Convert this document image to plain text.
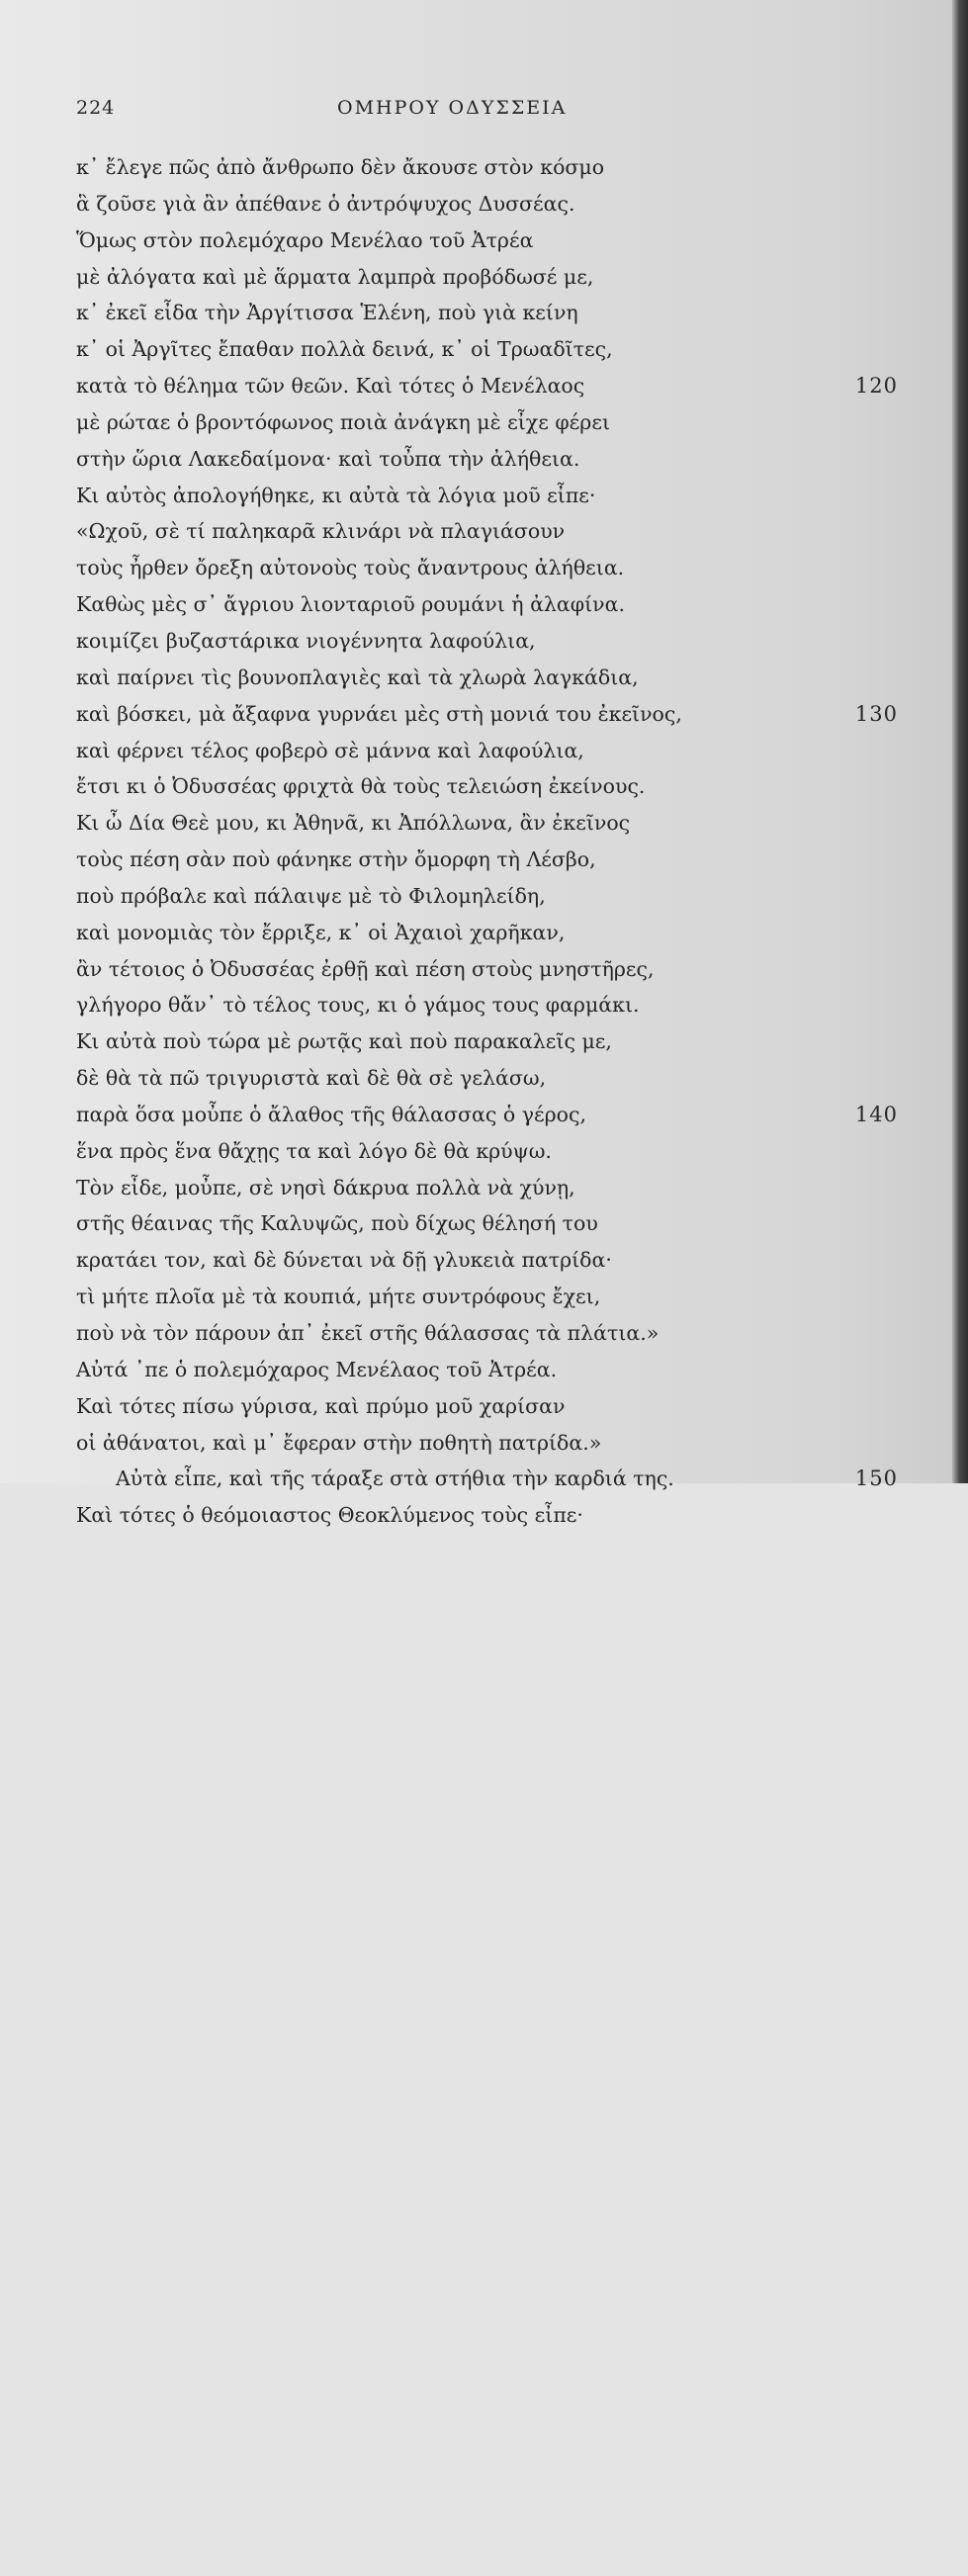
224	ΟΜΗΡΟΥ ΟΔΥΣΣΕΙΑ
κ᾿ ἔλεγε πῶς ἀπὸ ἄνθρωπο δὲν ἄκουσε στὸν κόσμο
ἃ ζοῦσε γιὰ ἂν ἀπέθανε ὁ ἀντρόψυχος Δυσσέας.
Ὅμως στὸν πολεμόχαρο Μενέλαο τοῦ Ἀτρέα
μὲ ἀλόγατα καὶ μὲ ἅρματα λαμπρὰ προβόδωσέ με,
κ᾿ ἐκεῖ εἶδα τὴν Ἀργίτισσα Ἑλένη, ποὺ γιὰ κείνη
κ᾿ οἱ Ἀργῖτες ἔπαθαν πολλὰ δεινά, κ᾿ οἱ Τρωαδῖτες,
κατὰ τὸ θέλημα τῶν θεῶν. Καὶ τότες ὁ Μενέλαος	120
μὲ ρώταε ὁ βροντόφωνος ποιὰ ἀνάγκη μὲ εἶχε φέρει
στὴν ὥρια Λακεδαίμονα· καὶ τοὖπα τὴν ἀλήθεια.
Κι αὐτὸς ἀπολογήθηκε, κι αὐτὰ τὰ λόγια μοῦ εἶπε·
«Ωχοῦ, σὲ τί παληκαρᾶ κλινάρι νὰ πλαγιάσουν
τοὺς ἦρθεν ὄρεξη αὐτονοὺς τοὺς ἄναντρους ἀλήθεια.
Καθὼς μὲς σ᾿ ἄγριου λιονταριοῦ ρουμάνι ἡ ἀλαφίνα.
κοιμίζει βυζαστάρικα νιογέννητα λαφούλια,
καὶ παίρνει τὶς βουνοπλαγιὲς καὶ τὰ χλωρὰ λαγκάδια,
καὶ βόσκει, μὰ ἄξαφνα γυρνάει μὲς στὴ μονιά του ἐκεῖνος,	130
καὶ φέρνει τέλος φοβερὸ σὲ μάννα καὶ λαφούλια,
ἔτσι κι ὁ Ὀδυσσέας φριχτὰ θὰ τοὺς τελειώση ἐκείνους.
Κι ὦ Δία Θεὲ μου, κι Ἀθηνᾶ, κι Ἀπόλλωνα, ἂν ἐκεῖνος
τοὺς πέση σὰν ποὺ φάνηκε στὴν ὄμορφη τὴ Λέσβο,
ποὺ πρόβαλε καὶ πάλαιψε μὲ τὸ Φιλομηλείδη,
καὶ μονομιὰς τὸν ἔρριξε, κ᾿ οἱ Ἀχαιοὶ χαρῆκαν,
ἂν τέτοιος ὁ Ὀδυσσέας ἐρθῇ καὶ πέση στοὺς μνηστῆρες,
γλήγορο θἄν᾿ τὸ τέλος τους, κι ὁ γάμος τους φαρμάκι.
Κι αὐτὰ ποὺ τώρα μὲ ρωτᾷς καὶ ποὺ παρακαλεῖς με,
δὲ θὰ τὰ πῶ τριγυριστὰ καὶ δὲ θὰ σὲ γελάσω,
παρὰ ὅσα μοὖπε ὁ ἄλαθος τῆς θάλασσας ὁ γέρος,	140
ἕνα πρὸς ἕνα θἄχῃς τα καὶ λόγο δὲ θὰ κρύψω.
Τὸν εἶδε, μοὖπε, σὲ νησὶ δάκρυα πολλὰ νὰ χύνῃ,
στῆς θέαινας τῆς Καλυψῶς, ποὺ δίχως θέλησή του
κρατάει τον, καὶ δὲ δύνεται νὰ δῇ γλυκειὰ πατρίδα·
τὶ μήτε πλοῖα μὲ τὰ κουπιά, μήτε συντρόφους ἔχει,
ποὺ νὰ τὸν πάρουν ἀπ᾿ ἐκεῖ στῆς θάλασσας τὰ πλάτια.»
Αὐτά ᾿πε ὁ πολεμόχαρος Μενέλαος τοῦ Ἀτρέα.
Καὶ τότες πίσω γύρισα, καὶ πρύμο μοῦ χαρίσαν
οἱ ἀθάνατοι, καὶ μ᾿ ἔφεραν στὴν ποθητὴ πατρίδα.»
Αὐτὰ εἶπε, καὶ τῆς τάραξε στὰ στήθια τὴν καρδιά της.	150
Καὶ τότες ὁ θεόμοιαστος Θεοκλύμενος τοὺς εἶπε·
